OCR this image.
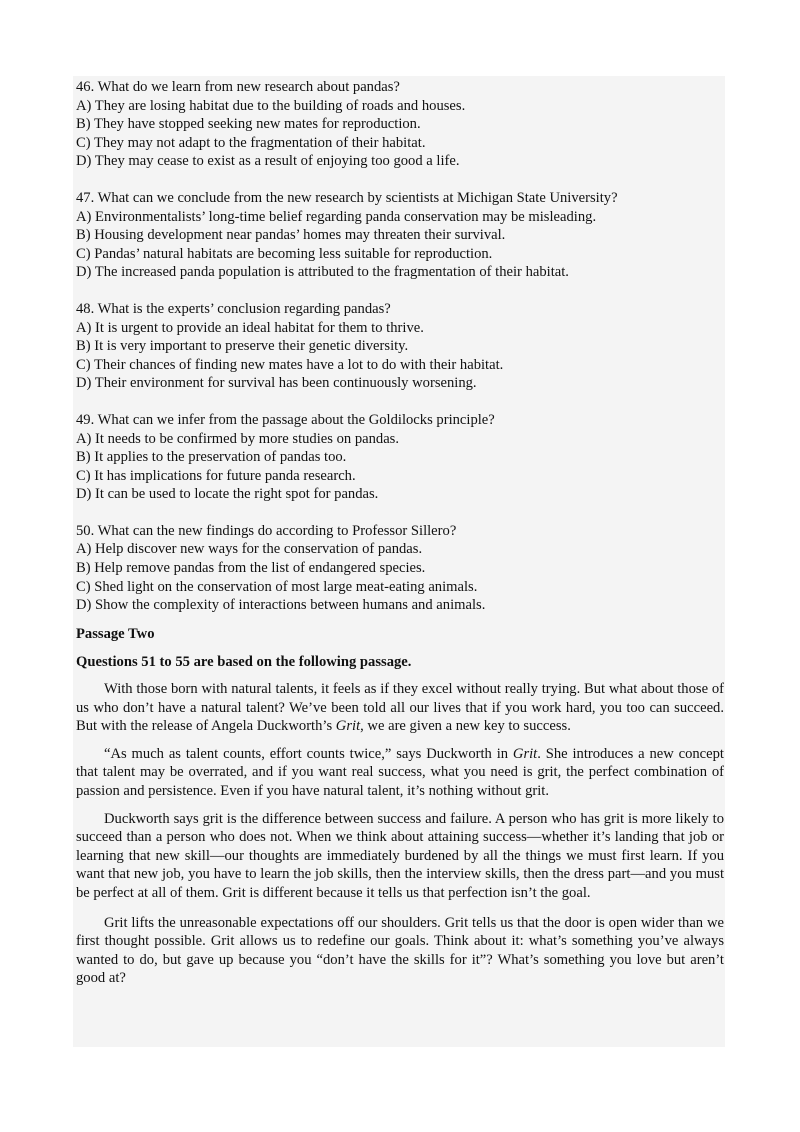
46. What do we learn from new research about pandas?

A) They are losing habitat due to the building of roads and houses.

B) They have stopped seeking new mates for reproduction.

C) They may not adapt to the fragmentation of their habitat.

D) They may cease to exist as a result of enjoying too good a life.

47. What can we conclude from the new research by scientists at Michigan State University?

A) Environmentalists’ long-time belief regarding panda conservation may be misleading.

B) Housing development near pandas’ homes may threaten their survival.

C) Pandas’ natural habitats are becoming less suitable for reproduction.

D) The increased panda population is attributed to the fragmentation of their habitat.

48. What is the experts’ conclusion regarding pandas?

A) It is urgent to provide an ideal habitat for them to thrive.

B) It is very important to preserve their genetic diversity.

C) Their chances of finding new mates have a lot to do with their habitat.

D) Their environment for survival has been continuously worsening.

49. What can we infer from the passage about the Goldilocks principle?

A) It needs to be confirmed by more studies on pandas.

B) It applies to the preservation of pandas too.

C) It has implications for future panda research.

D) It can be used to locate the right spot for pandas.

50. What can the new findings do according to Professor Sillero?

A) Help discover new ways for the conservation of pandas.

B) Help remove pandas from the list of endangered species.

C) Shed light on the conservation of most large meat-eating animals.

D) Show the complexity of interactions between humans and animals.

Passage Two

Questions 51 to 55 are based on the following passage.

With those born with natural talents, it feels as if they excel without really trying. But what about those of us who don’t have a natural talent? We’ve been told all our lives that if you work hard, you too can succeed. But with the release of Angela Duckworth’s Grit, we are given a new key to success.

“As much as talent counts, effort counts twice,” says Duckworth in Grit. She introduces a new concept that talent may be overrated, and if you want real success, what you need is grit, the perfect combination of passion and persistence. Even if you have natural talent, it’s nothing without grit.

Duckworth says grit is the difference between success and failure. A person who has grit is more likely to succeed than a person who does not. When we think about attaining success—whether it’s landing that job or learning that new skill—our thoughts are immediately burdened by all the things we must first learn. If you want that new job, you have to learn the job skills, then the interview skills, then the dress part—and you must be perfect at all of them. Grit is different because it tells us that perfection isn’t the goal.

Grit lifts the unreasonable expectations off our shoulders. Grit tells us that the door is open wider than we first thought possible. Grit allows us to redefine our goals. Think about it: what’s something you’ve always wanted to do, but gave up because you “don’t have the skills for it”? What’s something you love but aren’t good at?
